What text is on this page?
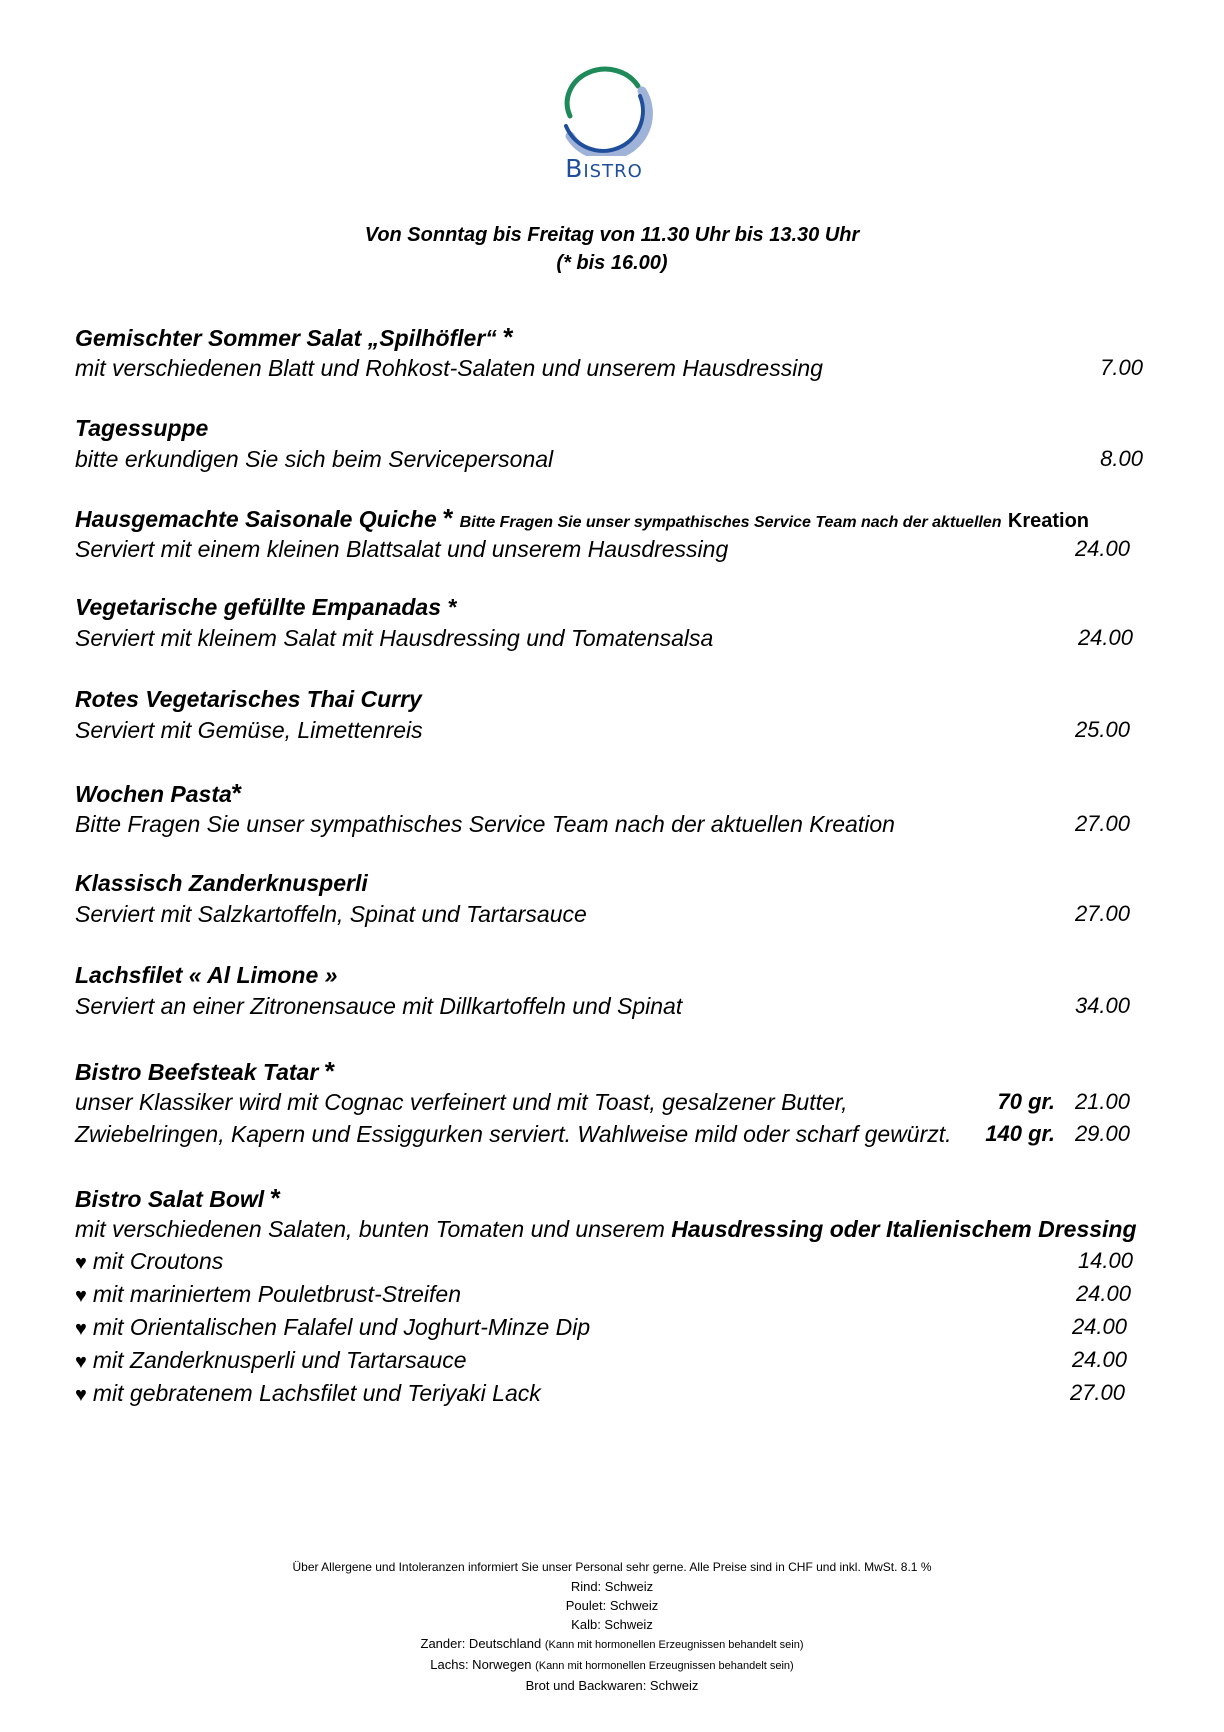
Bistro
Von Sonntag bis Freitag von 11.30 Uhr bis 13.30 Uhr
(* bis 16.00)
Gemischter Sommer Salat „Spilhöfler“ *
mit verschiedenen Blatt und Rohkost-Salaten und unserem Hausdressing	7.00
Tagessuppe
bitte erkundigen Sie sich beim Servicepersonal	8.00
Hausgemachte Saisonale Quiche * Bitte Fragen Sie unser sympathisches Service Team nach der aktuellen Kreation
Serviert mit einem kleinen Blattsalat und unserem Hausdressing	24.00
Vegetarische gefüllte Empanadas *
Serviert mit kleinem Salat mit Hausdressing und Tomatensalsa	24.00
Rotes Vegetarisches Thai Curry
Serviert mit Gemüse, Limettenreis	25.00
Wochen Pasta*
Bitte Fragen Sie unser sympathisches Service Team nach der aktuellen Kreation	27.00
Klassisch Zanderknusperli
Serviert mit Salzkartoffeln, Spinat und Tartarsauce	27.00
Lachsfilet « Al Limone »
Serviert an einer Zitronensauce mit Dillkartoffeln und Spinat	34.00
Bistro Beefsteak Tatar *
unser Klassiker wird mit Cognac verfeinert und mit Toast, gesalzener Butter,	70 gr. 21.00
Zwiebelringen, Kapern und Essiggurken serviert. Wahlweise mild oder scharf gewürzt.	140 gr. 29.00
Bistro Salat Bowl *
mit verschiedenen Salaten, bunten Tomaten und unserem Hausdressing oder Italienischem Dressing
♥ mit Croutons	14.00
♥ mit mariniertem Pouletbrust-Streifen	24.00
♥ mit Orientalischen Falafel und Joghurt-Minze Dip	24.00
♥ mit Zanderknusperli und Tartarsauce	24.00
♥ mit gebratenem Lachsfilet und Teriyaki Lack	27.00
Über Allergene und Intoleranzen informiert Sie unser Personal sehr gerne. Alle Preise sind in CHF und inkl. MwSt. 8.1 %
Rind: Schweiz
Poulet: Schweiz
Kalb: Schweiz
Zander: Deutschland (Kann mit hormonellen Erzeugnissen behandelt sein)
Lachs: Norwegen (Kann mit hormonellen Erzeugnissen behandelt sein)
Brot und Backwaren: Schweiz
